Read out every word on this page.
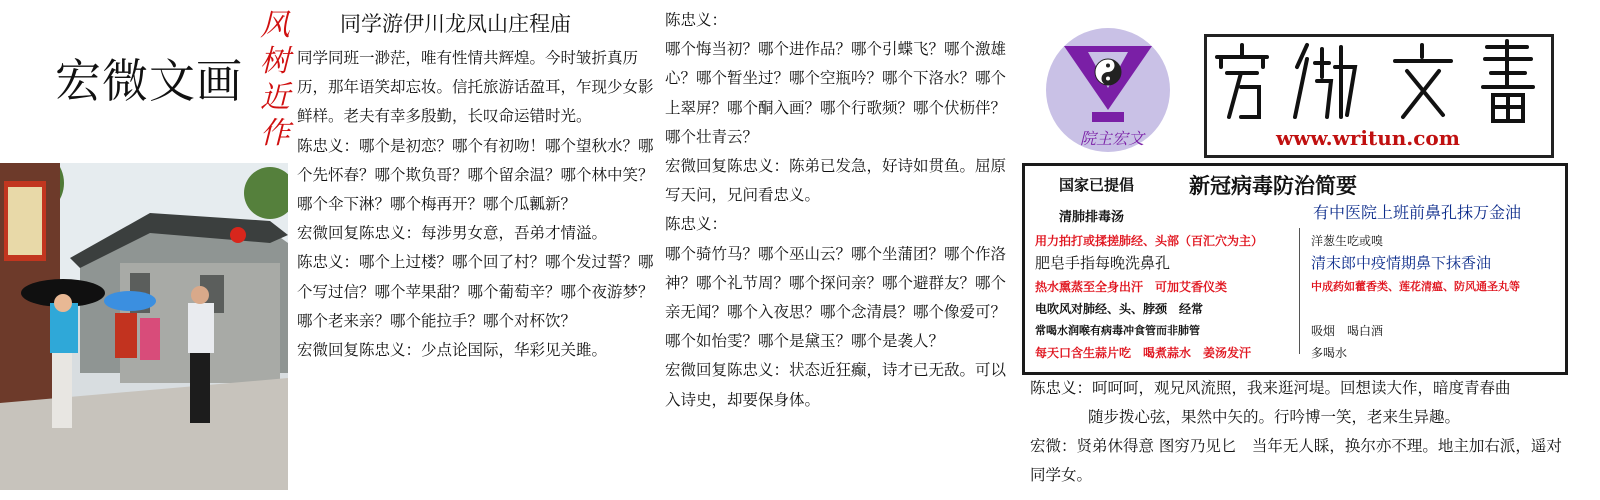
宏微文画
风
树
近
作
同学游伊川龙凤山庄程庙

同学同班一渺茫，唯有性情共辉煌。今时皱折真历历，那年语笑却忘妆。信托旅游话盈耳，乍现少女影鲜样。老夫有幸多殷勤，长叹命运错时光。

陈忠义：哪个是初恋？哪个有初吻！哪个望秋水？哪个先怀春？哪个欺负哥？哪个留余温？哪个林中笑？哪个伞下淋？哪个梅再开？哪个瓜瓤新？

宏微回复陈忠义：每涉男女意，吾弟才情溢。

陈忠义：哪个上过楼？哪个回了村？哪个发过誓？哪个写过信？哪个苹果甜？哪个葡萄辛？哪个夜游梦？哪个老来亲？哪个能拉手？哪个对杯饮？

宏微回复陈忠义：少点论国际，华彩见关雎。

陈忠义：

哪个悔当初？哪个进作品？哪个引蝶飞？哪个激雄心？哪个暂坐过？哪个空瓶吟？哪个下洛水？哪个上翠屏？哪个酮入画？哪个行歌频？哪个伏枥伴？哪个壮青云？

宏微回复陈忠义：陈弟已发急，好诗如贯鱼。屈原写天问，兄问看忠义。

陈忠义：

哪个骑竹马？哪个巫山云？哪个坐蒲团？哪个作洛神？哪个礼节周？哪个探问亲？哪个避群友？哪个亲无闻？哪个入夜思？哪个念清晨？哪个像爱可？哪个如怡雯？哪个是黛玉？哪个是袭人？

宏微回复陈忠义：状态近狂癫，诗才已无敌。可以入诗史，却要保身体。

院主宏文	www.writun.com
国家已提倡	新冠病毒防治简要
清肺排毒汤	有中医院上班前鼻孔抹万金油
用力拍打或揉搓肺经、头部（百汇穴为主）
肥皂手指每晚洗鼻孔
热水熏蒸至全身出汗　可加艾香仪类
电吹风对肺经、头、脖颈　经常
常喝水润喉有病毒冲食管而非肺管
每天口含生蒜片吃　喝煮蒜水　姜汤发汗
洋葱生吃或嗅
清末郎中疫情期鼻下抹香油
中成药如藿香类、莲花清瘟、防风通圣丸等
吸烟　喝白酒
多喝水

陈忠义：呵呵呵，观兄风流照，我来逛河堤。回想读大作，暗度青春曲

随步拨心弦，果然中矢的。行吟博一笑，老来生异趣。

宏微：贤弟休得意 图穷乃见匕　当年无人睬，换尔亦不理。地主加右派，遥对同学女。
